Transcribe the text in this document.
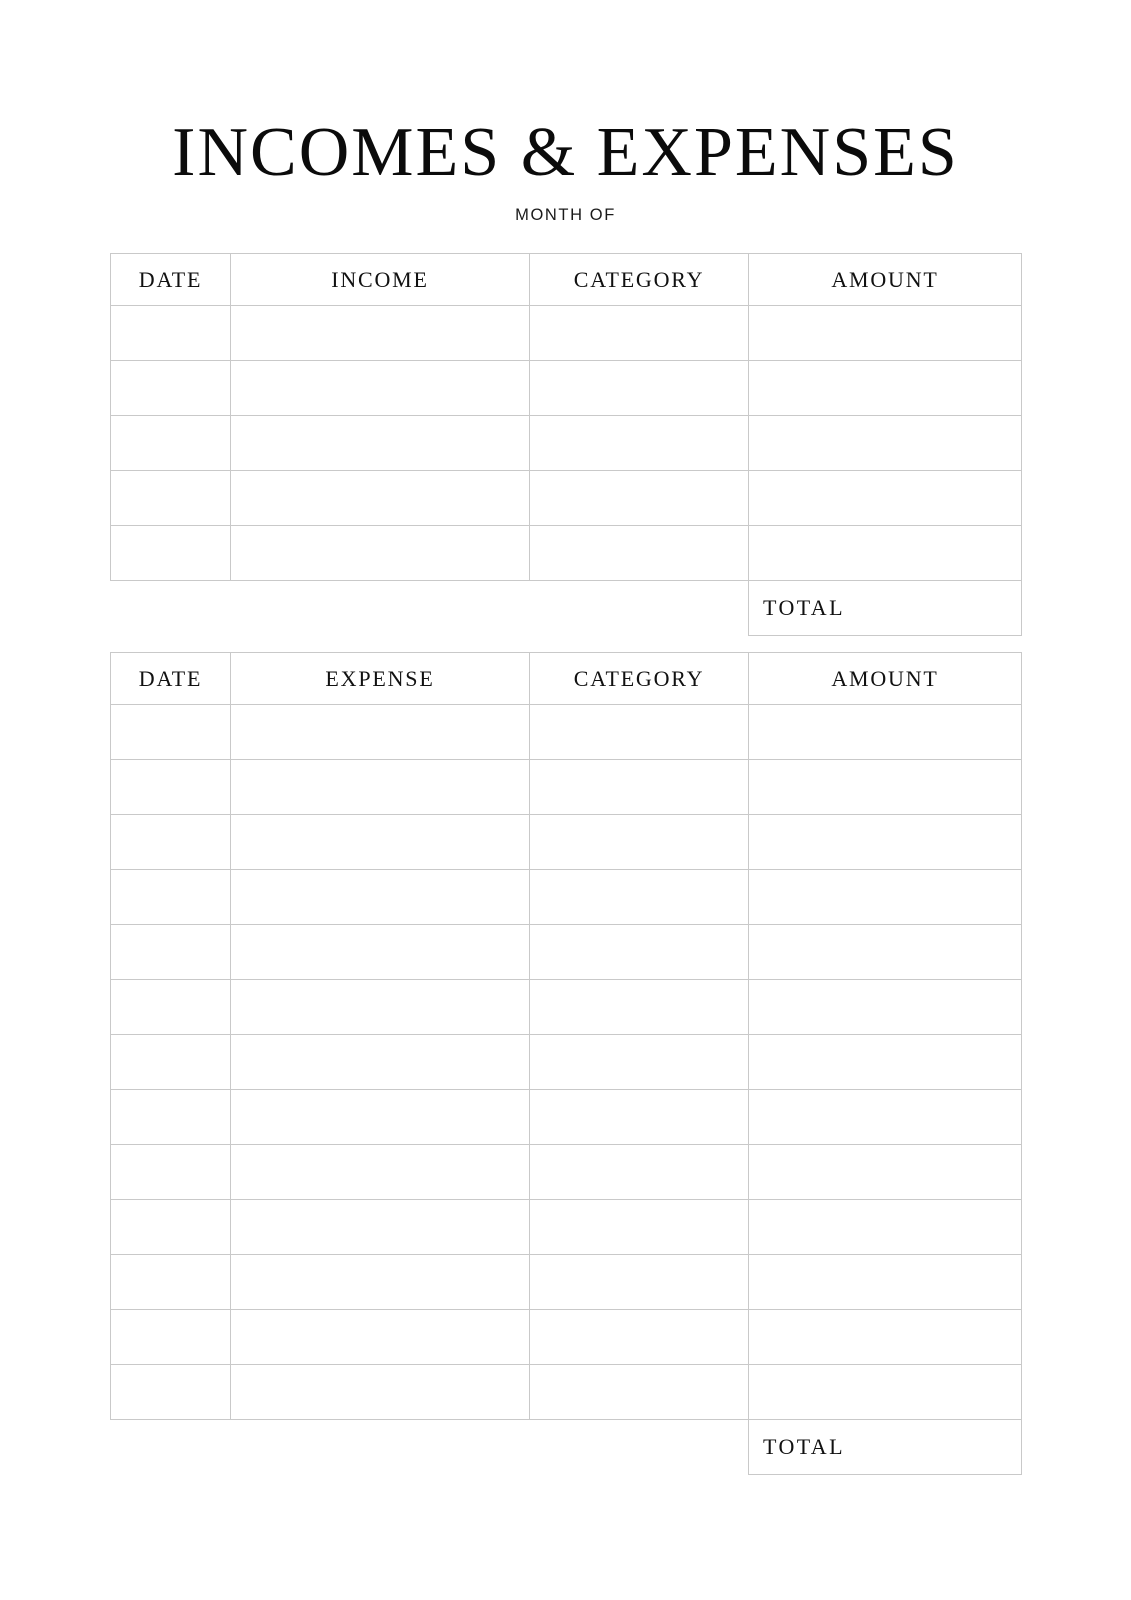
INCOMES & EXPENSES
MONTH OF
DATE	INCOME	CATEGORY	AMOUNT

			TOTAL
DATE	EXPENSE	CATEGORY	AMOUNT

			TOTAL
